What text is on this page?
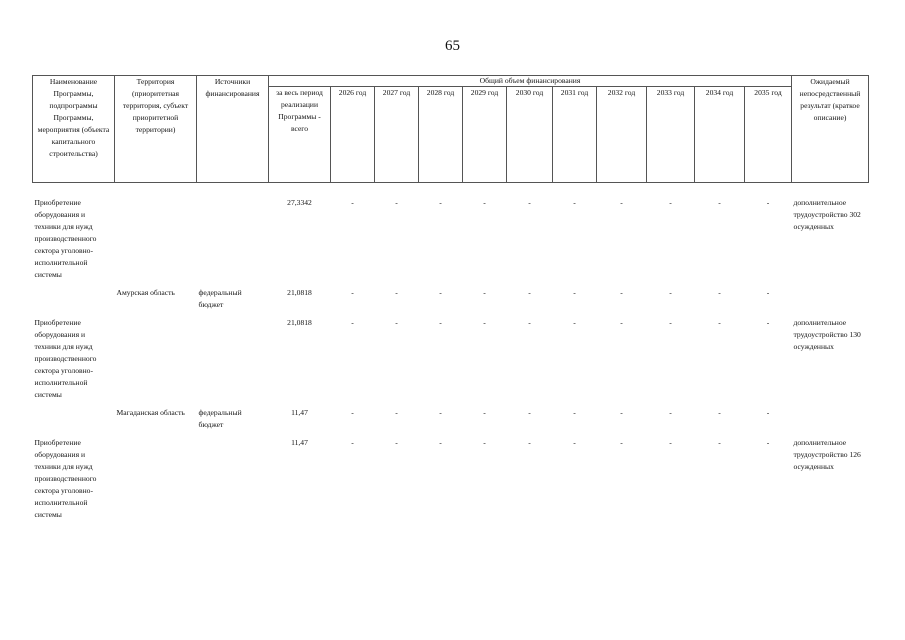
65
Наименование Программы, подпрограммы Программы, мероприятия (объекта капитального строительства)	Территория (приоритетная территория, субъект приоритетной территории)	Источники финансирования	Общий объем финансирования											Ожидаемый непосредственный результат (краткое описание)
			за весь период реализации Программы - всего	2026 год	2027 год	2028 год	2029 год	2030 год	2031 год	2032 год	2033 год	2034 год	2035 год	

Приобретение оборудования и техники для нужд производственного сектора уголовно-исполнительной системы			27,3342	-	-	-	-	-	-	-	-	-	-	дополнительное трудоустройство 302 осужденных

	Амурская область	федеральный бюджет	21,0818	-	-	-	-	-	-	-	-	-	-	

Приобретение оборудования и техники для нужд производственного сектора уголовно-исполнительной системы			21,0818	-	-	-	-	-	-	-	-	-	-	дополнительное трудоустройство 130 осужденных

	Магаданская область	федеральный бюджет	11,47	-	-	-	-	-	-	-	-	-	-	

Приобретение оборудования и техники для нужд производственного сектора уголовно-исполнительной системы			11,47	-	-	-	-	-	-	-	-	-	-	дополнительное трудоустройство 126 осужденных
